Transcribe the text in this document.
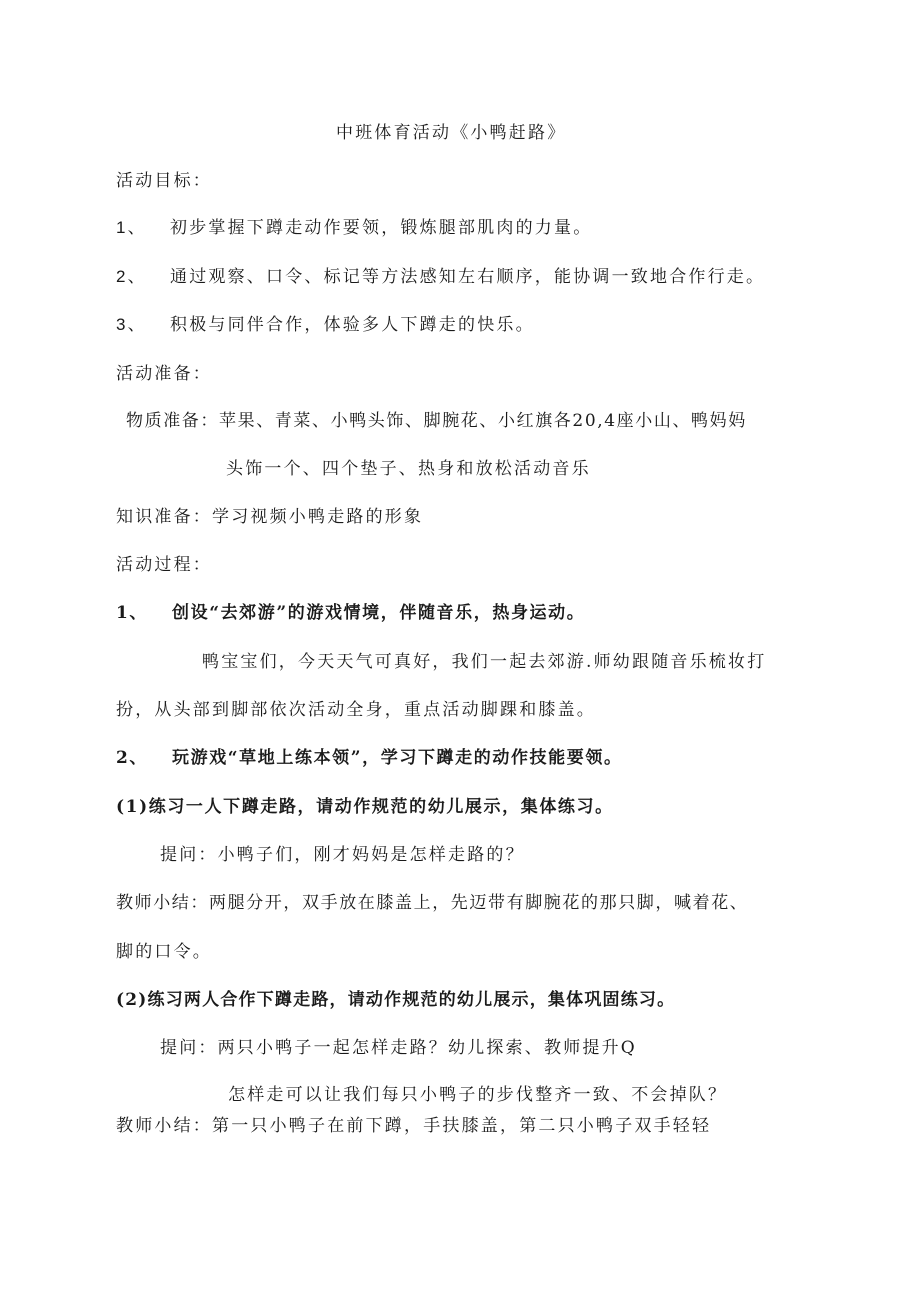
中班体育活动《小鸭赶路》
活动目标：
1、 初步掌握下蹲走动作要领，锻炼腿部肌肉的力量。
2、 通过观察、口令、标记等方法感知左右顺序，能协调一致地合作行走。
3、 积极与同伴合作，体验多人下蹲走的快乐。
活动准备：
物质准备：苹果、青菜、小鸭头饰、脚腕花、小红旗各20,4座小山、鸭妈妈
头饰一个、四个垫子、热身和放松活动音乐
知识准备：学习视频小鸭走路的形象
活动过程：
1、 创设“去郊游”的游戏情境，伴随音乐，热身运动。
鸭宝宝们，今天天气可真好，我们一起去郊游.师幼跟随音乐梳妆打
扮，从头部到脚部依次活动全身，重点活动脚踝和膝盖。
2、 玩游戏“草地上练本领”，学习下蹲走的动作技能要领。
(1)练习一人下蹲走路，请动作规范的幼儿展示，集体练习。
提问：小鸭子们，刚才妈妈是怎样走路的？
教师小结：两腿分开，双手放在膝盖上，先迈带有脚腕花的那只脚，喊着花、
脚的口令。
(2)练习两人合作下蹲走路，请动作规范的幼儿展示，集体巩固练习。
提问：两只小鸭子一起怎样走路？幼儿探索、教师提升Q
怎样走可以让我们每只小鸭子的步伐整齐一致、不会掉队？
教师小结：第一只小鸭子在前下蹲，手扶膝盖，第二只小鸭子双手轻轻
